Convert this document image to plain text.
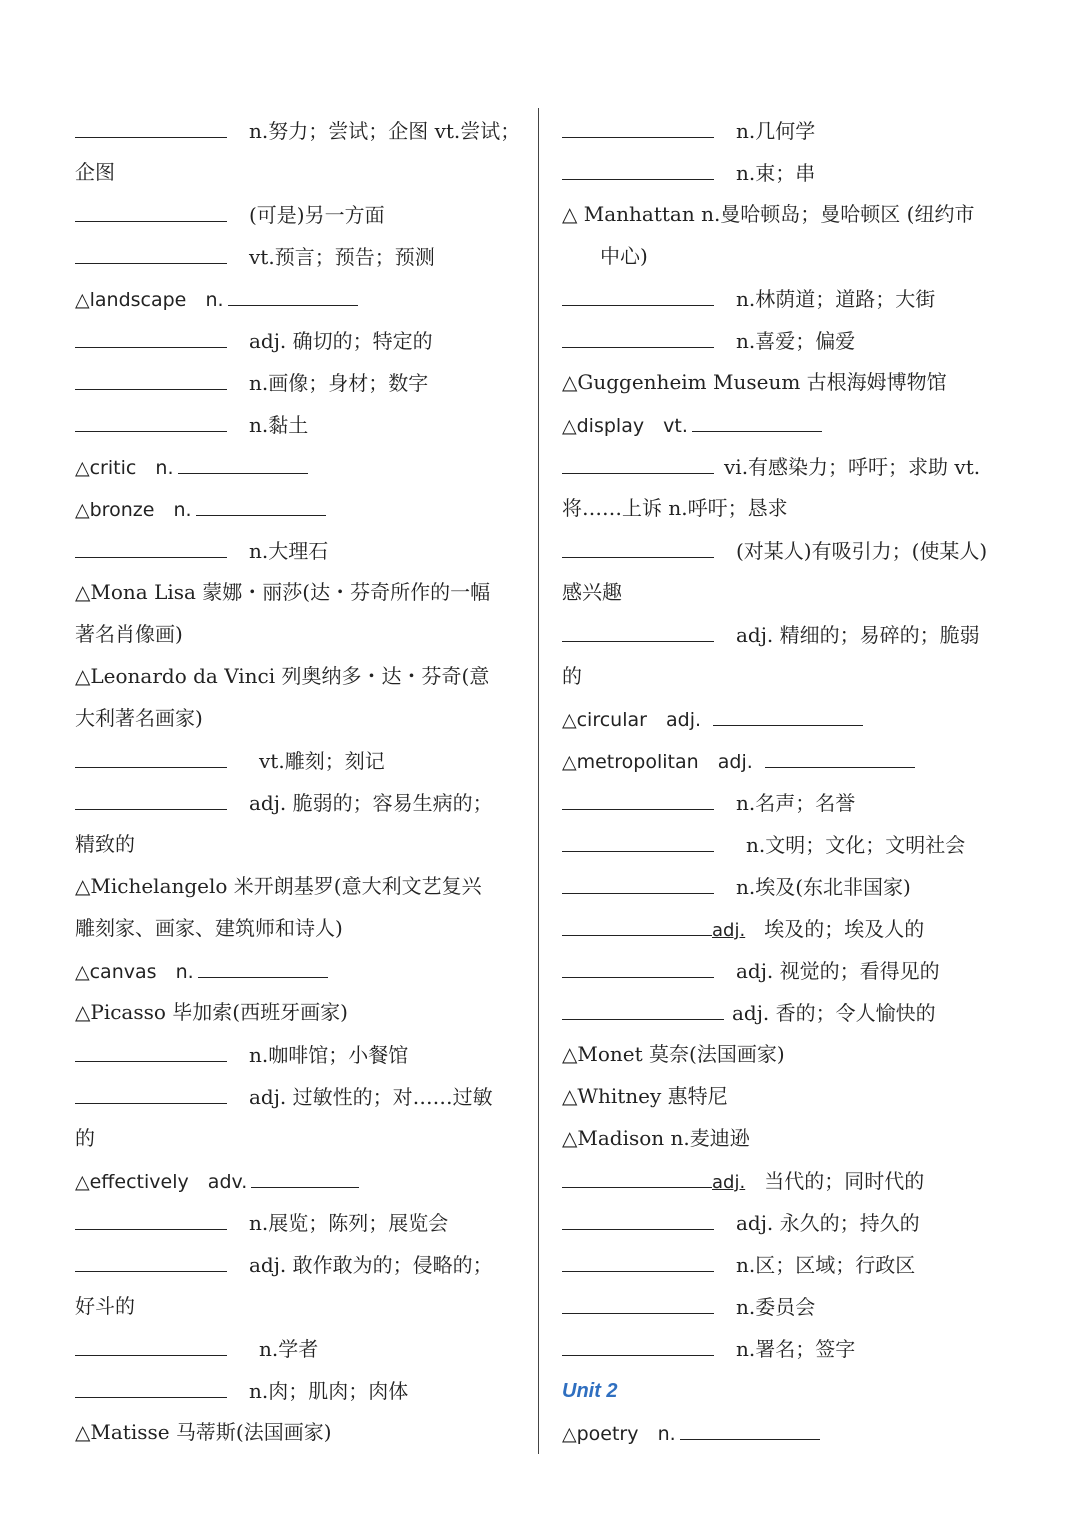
n.努力；尝试；企图 vt.尝试；
企图
(可是)另一方面
vt.预言；预告；预测
△landscape n.
adj. 确切的；特定的
n.画像；身材；数字
n.黏土
△critic n.
△bronze n.
n.大理石
△Mona Lisa 蒙娜・丽莎(达・芬奇所作的一幅
著名肖像画)
△Leonardo da Vinci 列奥纳多・达・芬奇(意
大利著名画家)
vt.雕刻；刻记
adj. 脆弱的；容易生病的；
精致的
△Michelangelo 米开朗基罗(意大利文艺复兴
雕刻家、画家、建筑师和诗人)
△canvas n.
△Picasso 毕加索(西班牙画家)
n.咖啡馆；小餐馆
adj. 过敏性的；对……过敏
的
△effectively adv.
n.展览；陈列；展览会
adj. 敢作敢为的；侵略的；
好斗的
n.学者
n.肉；肌肉；肉体
△Matisse 马蒂斯(法国画家)
n.几何学
n.束；串
△ Manhattan n.曼哈顿岛；曼哈顿区 (纽约市
中心)
n.林荫道；道路；大街
n.喜爱；偏爱
△Guggenheim Museum 古根海姆博物馆
△display vt.
vi.有感染力；呼吁；求助 vt.
将……上诉 n.呼吁；恳求
(对某人)有吸引力；(使某人)
感兴趣
adj. 精细的；易碎的；脆弱
的
△circular adj.
△metropolitan adj.
n.名声；名誉
n.文明；文化；文明社会
n.埃及(东北非国家)
adj. 埃及的；埃及人的
adj. 视觉的；看得见的
adj. 香的；令人愉快的
△Monet 莫奈(法国画家)
△Whitney 惠特尼
△Madison n.麦迪逊
adj. 当代的；同时代的
adj. 永久的；持久的
n.区；区域；行政区
n.委员会
n.署名；签字
Unit 2
△poetry n.
